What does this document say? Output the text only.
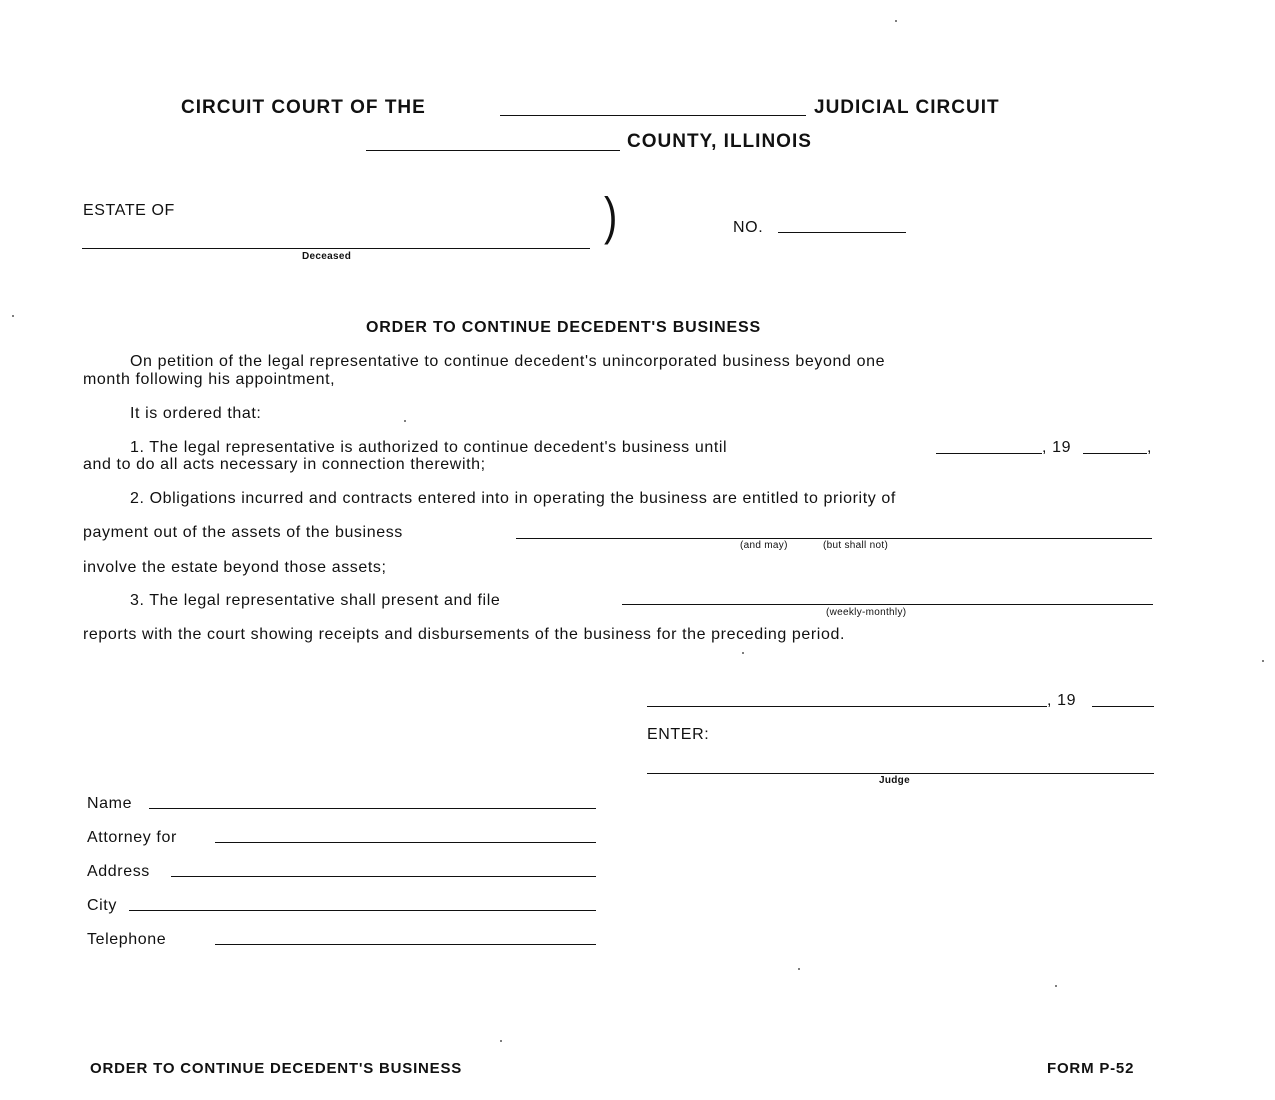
CIRCUIT COURT OF THE	JUDICIAL CIRCUIT
COUNTY, ILLINOIS
ESTATE OF
Deceased
)	NO.
ORDER TO CONTINUE DECEDENT'S BUSINESS
On petition of the legal representative to continue decedent's unincorporated business beyond one
month following his appointment,
It is ordered that:
1. The legal representative is authorized to continue decedent's business until	, 19	,
and to do all acts necessary in connection therewith;
2. Obligations incurred and contracts entered into in operating the business are entitled to priority of
payment out of the assets of the business
(and may)	(but shall not)
involve the estate beyond those assets;
3. The legal representative shall present and file
(weekly-monthly)
reports with the court showing receipts and disbursements of the business for the preceding period.
, 19
ENTER:
Judge
Name
Attorney for
Address
City
Telephone
ORDER TO CONTINUE DECEDENT'S BUSINESS	FORM P-52
